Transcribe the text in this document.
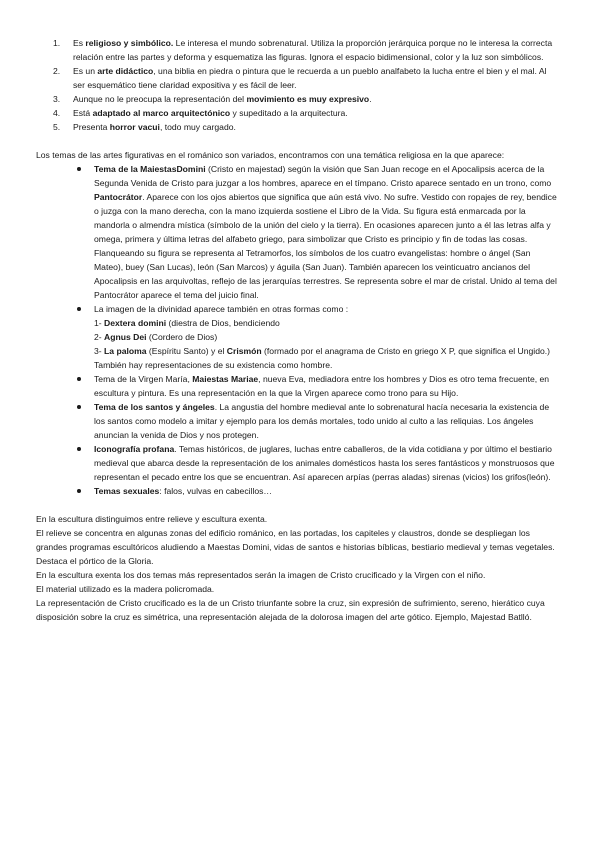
1. Es religioso y simbólico. Le interesa el mundo sobrenatural. Utiliza la proporción jerárquica porque no le interesa la correcta relación entre las partes y deforma y esquematiza las figuras. Ignora el espacio bidimensional, color y la luz son simbólicos.
2. Es un arte didáctico, una biblia en piedra o pintura que le recuerda a un pueblo analfabeto la lucha entre el bien y el mal. Al ser esquemático tiene claridad expositiva y es fácil de leer.
3. Aunque no le preocupa la representación del movimiento es muy expresivo.
4. Está adaptado al marco arquitectónico y supeditado a la arquitectura.
5. Presenta horror vacui, todo muy cargado.

Los temas de las artes figurativas en el románico son variados, encontramos con una temática religiosa en la que aparece:

Tema de la MaiestasDomini (Cristo en majestad) según la visión que San Juan recoge en el Apocalipsis acerca de la Segunda Venida de Cristo para juzgar a los hombres, aparece en el tímpano. Cristo aparece sentado en un trono, como Pantocrátor. Aparece con los ojos abiertos que significa que aún está vivo. No sufre. Vestido con ropajes de rey, bendice o juzga con la mano derecha, con la mano izquierda sostiene el Libro de la Vida. Su figura está enmarcada por la mandorla o almendra mística (símbolo de la unión del cielo y la tierra). En ocasiones aparecen junto a él las letras alfa y omega, primera y última letras del alfabeto griego, para simbolizar que Cristo es principio y fin de todas las cosas. Flanqueando su figura se representa al Tetramorfos, los símbolos de los cuatro evangelistas: hombre o ángel (San Mateo), buey (San Lucas), león (San Marcos) y águila (San Juan). También aparecen los veinticuatro ancianos del Apocalipsis en las arquivoltas, reflejo de las jerarquías terrestres. Se representa sobre el mar de cristal. Unido al tema del Pantocrátor aparece el tema del juicio final.
La imagen de la divinidad aparece también en otras formas como :
1- Dextera domini (diestra de Dios, bendiciendo
2- Agnus Dei (Cordero de Dios)
3- La paloma (Espíritu Santo) y el Crismón (formado por el anagrama de Cristo en griego X P, que significa el Ungido.) También hay representaciones de su existencia como hombre.
Tema de la Virgen María, Maiestas Mariae, nueva Eva, mediadora entre los hombres y Dios es otro tema frecuente, en escultura y pintura. Es una representación en la que la Virgen aparece como trono para su Hijo.
Tema de los santos y ángeles. La angustia del hombre medieval ante lo sobrenatural hacía necesaria la existencia de los santos como modelo a imitar y ejemplo para los demás mortales, todo unido al culto a las reliquias. Los ángeles anuncian la venida de Dios y nos protegen.
Iconografía profana. Temas históricos, de juglares, luchas entre caballeros, de la vida cotidiana y por último el bestiario medieval que abarca desde la representación de los animales domésticos hasta los seres fantásticos y monstruosos que representan el pecado entre los que se encuentran. Así aparecen arpías (perras aladas) sirenas (vicios) los grifos(león).
Temas sexuales: falos, vulvas en cabecillos…

En la escultura distinguimos entre relieve y escultura exenta.

El relieve se concentra en algunas zonas del edificio románico, en las portadas, los capiteles y claustros, donde se despliegan los grandes programas escultóricos aludiendo a Maestas Domini, vidas de santos e historias bíblicas, bestiario medieval y temas vegetales. Destaca el pórtico de la Gloria.

En la escultura exenta los dos temas más representados serán la imagen de Cristo crucificado y la Virgen con el niño.

El material utilizado es la madera policromada.

La representación de Cristo crucificado es la de un Cristo triunfante sobre la cruz, sin expresión de sufrimiento, sereno, hierático cuya disposición sobre la cruz es simétrica, una representación alejada de la dolorosa imagen del arte gótico. Ejemplo, Majestad Batlló.
